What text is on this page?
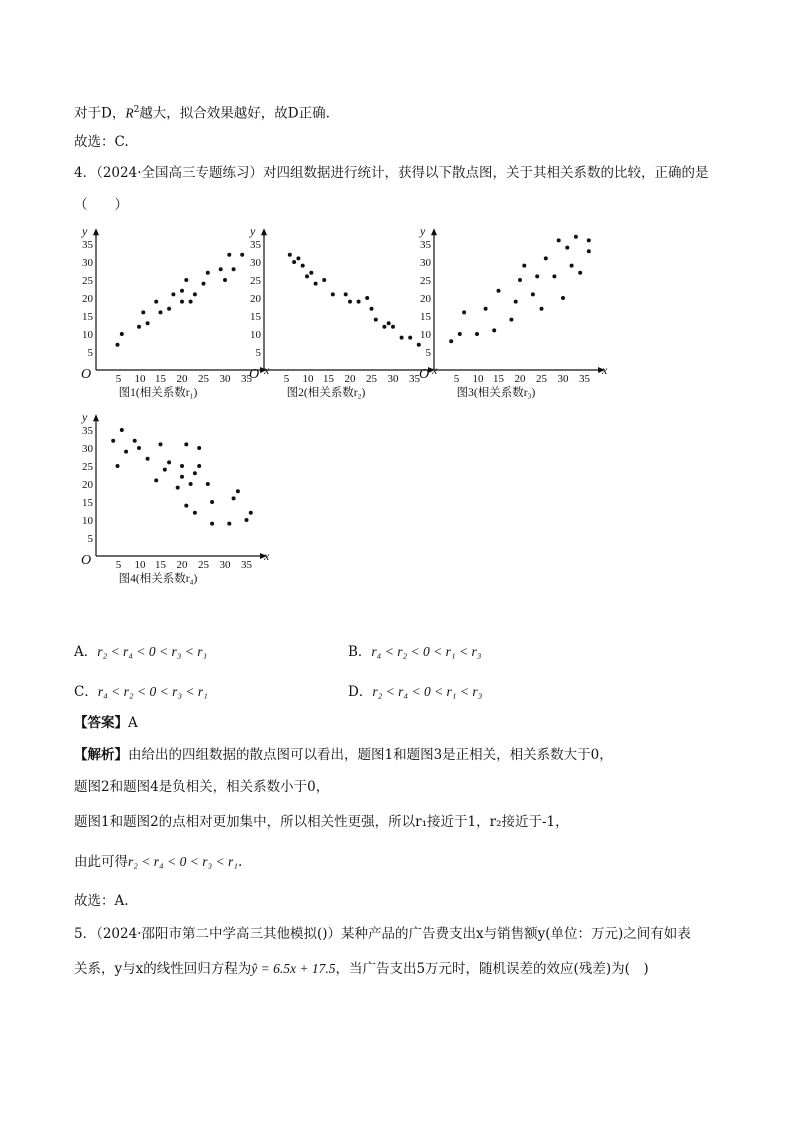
对于D，$R^2$越大，拟合效果越好，故D正确.
故选：C.
4．（2024·全国高三专题练习）对四组数据进行统计，获得以下散点图，关于其相关系数的比较，正确的是
（　　）
x
y
O
5
10
15
20
25
30
35
5 10 15 20 25 30 35
图1(相关系数r₁)
x
y
O
5
10
15
20
25
30
35
5 10 15 20 25 30 35
图2(相关系数r₂)
x
y
O
5
10
15
20
25
30
35
5 10 15 20 25 30 35
图3(相关系数r₃)
x
y
O
5
10
15
20
25
30
35
5 10 15 20 25 30 35
图4(相关系数r₄)
A．r₂ < r₄ < 0 < r₃ < r₁	B．r₄ < r₂ < 0 < r₁ < r₃
C．r₄ < r₂ < 0 < r₃ < r₁	D．r₂ < r₄ < 0 < r₁ < r₃
【答案】A
【解析】由给出的四组数据的散点图可以看出，题图1和题图3是正相关，相关系数大于0，
题图2和题图4是负相关，相关系数小于0，
题图1和题图2的点相对更加集中，所以相关性更强，所以r₁接近于1，r₂接近于-1，
由此可得r₂ < r₄ < 0 < r₃ < r₁.
故选：A.
5．（2024·邵阳市第二中学高三其他模拟()）某种产品的广告费支出x与销售额y(单位：万元)之间有如表
关系，y与x的线性回归方程为ŷ = 6.5x + 17.5，当广告支出5万元时，随机误差的效应(残差)为(　)
